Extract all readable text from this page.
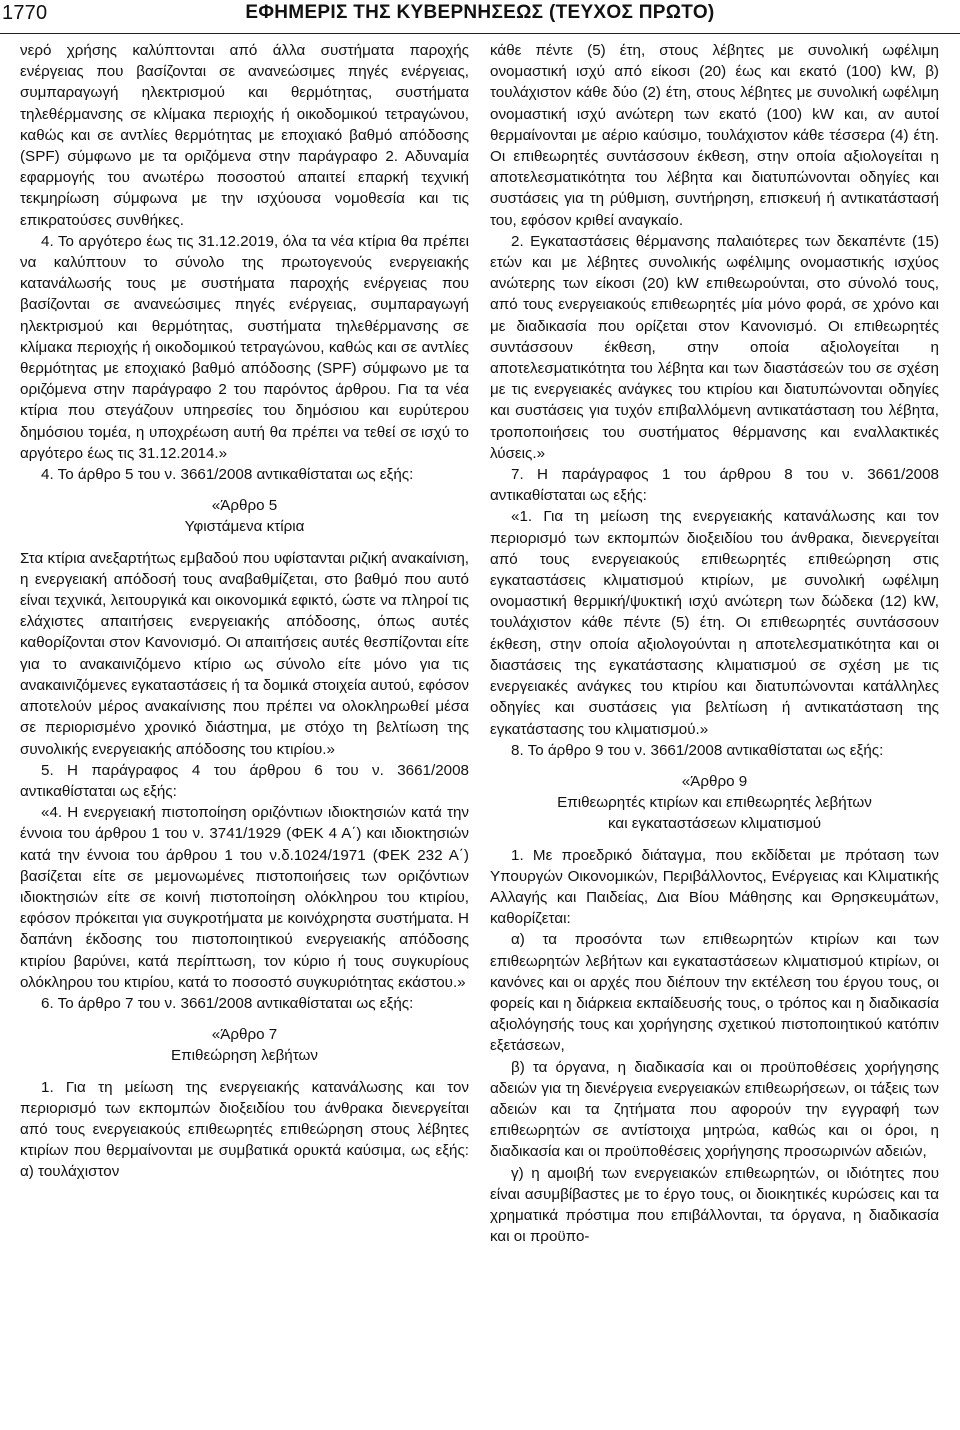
1770	ΕΦΗΜΕΡΙΣ ΤΗΣ ΚΥΒΕΡΝΗΣΕΩΣ (ΤΕΥΧΟΣ ΠΡΩΤΟ)

νερό χρήσης καλύπτονται από άλλα συστήματα παροχής ενέργειας που βασίζονται σε ανανεώσιμες πηγές ενέργειας, συμπαραγωγή ηλεκτρισμού και θερμότητας, συστήματα τηλεθέρμανσης σε κλίμακα περιοχής ή οικοδομικού τετραγώνου, καθώς και σε αντλίες θερμότητας με εποχιακό βαθμό απόδοσης (SPF) σύμφωνο με τα οριζόμενα στην παράγραφο 2. Αδυναμία εφαρμογής του ανωτέρω ποσοστού απαιτεί επαρκή τεχνική τεκμηρίωση σύμφωνα με την ισχύουσα νομοθεσία και τις επικρατούσες συνθήκες.

4. Το αργότερο έως τις 31.12.2019, όλα τα νέα κτίρια θα πρέπει να καλύπτουν το σύνολο της πρωτογενούς ενεργειακής κατανάλωσής τους με συστήματα παροχής ενέργειας που βασίζονται σε ανανεώσιμες πηγές ενέργειας, συμπαραγωγή ηλεκτρισμού και θερμότητας, συστήματα τηλεθέρμανσης σε κλίμακα περιοχής ή οικοδομικού τετραγώνου, καθώς και σε αντλίες θερμότητας με εποχιακό βαθμό απόδοσης (SPF) σύμφωνο με τα οριζόμενα στην παράγραφο 2 του παρόντος άρθρου. Για τα νέα κτίρια που στεγάζουν υπηρεσίες του δημόσιου και ευρύτερου δημόσιου τομέα, η υποχρέωση αυτή θα πρέπει να τεθεί σε ισχύ το αργότερο έως τις 31.12.2014.»

4. Το άρθρο 5 του ν. 3661/2008 αντικαθίσταται ως εξής:

«Άρθρο 5

Υφιστάμενα κτίρια

Στα κτίρια ανεξαρτήτως εμβαδού που υφίστανται ριζική ανακαίνιση, η ενεργειακή απόδοσή τους αναβαθμίζεται, στο βαθμό που αυτό είναι τεχνικά, λειτουργικά και οικονομικά εφικτό, ώστε να πληροί τις ελάχιστες απαιτήσεις ενεργειακής απόδοσης, όπως αυτές καθορίζονται στον Κανονισμό. Οι απαιτήσεις αυτές θεσπίζονται είτε για το ανακαινιζόμενο κτίριο ως σύνολο είτε μόνο για τις ανακαινιζόμενες εγκαταστάσεις ή τα δομικά στοιχεία αυτού, εφόσον αποτελούν μέρος ανακαίνισης που πρέπει να ολοκληρωθεί μέσα σε περιορισμένο χρονικό διάστημα, με στόχο τη βελτίωση της συνολικής ενεργειακής απόδοσης του κτιρίου.»

5. Η παράγραφος 4 του άρθρου 6 του ν. 3661/2008 αντικαθίσταται ως εξής:

«4. Η ενεργειακή πιστοποίηση οριζόντιων ιδιοκτησιών κατά την έννοια του άρθρου 1 του ν. 3741/1929 (ΦΕΚ 4 Α΄) και ιδιοκτησιών κατά την έννοια του άρθρου 1 του ν.δ.1024/1971 (ΦΕΚ 232 Α΄) βασίζεται είτε σε μεμονωμένες πιστοποιήσεις των οριζόντιων ιδιοκτησιών είτε σε κοινή πιστοποίηση ολόκληρου του κτιρίου, εφόσον πρόκειται για συγκροτήματα με κοινόχρηστα συστήματα. Η δαπάνη έκδοσης του πιστοποιητικού ενεργειακής απόδοσης κτιρίου βαρύνει, κατά περίπτωση, τον κύριο ή τους συγκυρίους ολόκληρου του κτιρίου, κατά το ποσοστό συγκυριότητας εκάστου.»

6. Το άρθρο 7 του ν. 3661/2008 αντικαθίσταται ως εξής:

«Άρθρο 7

Επιθεώρηση λεβήτων

1. Για τη μείωση της ενεργειακής κατανάλωσης και τον περιορισμό των εκπομπών διοξειδίου του άνθρακα διενεργείται από τους ενεργειακούς επιθεωρητές επιθεώρηση στους λέβητες κτιρίων που θερμαίνονται με συμβατικά ορυκτά καύσιμα, ως εξής: α) τουλάχιστον

κάθε πέντε (5) έτη, στους λέβητες με συνολική ωφέλιμη ονομαστική ισχύ από είκοσι (20) έως και εκατό (100) kW, β) τουλάχιστον κάθε δύο (2) έτη, στους λέβητες με συνολική ωφέλιμη ονομαστική ισχύ ανώτερη των εκατό (100) kW και, αν αυτοί θερμαίνονται με αέριο καύσιμο, τουλάχιστον κάθε τέσσερα (4) έτη. Οι επιθεωρητές συντάσσουν έκθεση, στην οποία αξιολογείται η αποτελεσματικότητα του λέβητα και διατυπώνονται οδηγίες και συστάσεις για τη ρύθμιση, συντήρηση, επισκευή ή αντικατάστασή του, εφόσον κριθεί αναγκαίο.

2. Εγκαταστάσεις θέρμανσης παλαιότερες των δεκαπέντε (15) ετών και με λέβητες συνολικής ωφέλιμης ονομαστικής ισχύος ανώτερης των είκοσι (20) kW επιθεωρούνται, στο σύνολό τους, από τους ενεργειακούς επιθεωρητές μία μόνο φορά, σε χρόνο και με διαδικασία που ορίζεται στον Κανονισμό. Οι επιθεωρητές συντάσσουν έκθεση, στην οποία αξιολογείται η αποτελεσματικότητα του λέβητα και των διαστάσεών του σε σχέση με τις ενεργειακές ανάγκες του κτιρίου και διατυπώνονται οδηγίες και συστάσεις για τυχόν επιβαλλόμενη αντικατάσταση του λέβητα, τροποποιήσεις του συστήματος θέρμανσης και εναλλακτικές λύσεις.»

7. Η παράγραφος 1 του άρθρου 8 του ν. 3661/2008 αντικαθίσταται ως εξής:

«1. Για τη μείωση της ενεργειακής κατανάλωσης και τον περιορισμό των εκπομπών διοξειδίου του άνθρακα, διενεργείται από τους ενεργειακούς επιθεωρητές επιθεώρηση στις εγκαταστάσεις κλιματισμού κτιρίων, με συνολική ωφέλιμη ονομαστική θερμική/ψυκτική ισχύ ανώτερη των δώδεκα (12) kW, τουλάχιστον κάθε πέντε (5) έτη. Οι επιθεωρητές συντάσσουν έκθεση, στην οποία αξιολογούνται η αποτελεσματικότητα και οι διαστάσεις της εγκατάστασης κλιματισμού σε σχέση με τις ενεργειακές ανάγκες του κτιρίου και διατυπώνονται κατάλληλες οδηγίες και συστάσεις για βελτίωση ή αντικατάσταση της εγκατάστασης του κλιματισμού.»

8. Το άρθρο 9 του ν. 3661/2008 αντικαθίσταται ως εξής:

«Άρθρο 9

Επιθεωρητές κτιρίων και επιθεωρητές λεβήτων

και εγκαταστάσεων κλιματισμού

1. Με προεδρικό διάταγμα, που εκδίδεται με πρόταση των Υπουργών Οικονομικών, Περιβάλλοντος, Ενέργειας και Κλιματικής Αλλαγής και Παιδείας, Δια Βίου Μάθησης και Θρησκευμάτων, καθορίζεται:

α) τα προσόντα των επιθεωρητών κτιρίων και των επιθεωρητών λεβήτων και εγκαταστάσεων κλιματισμού κτιρίων, οι κανόνες και οι αρχές που διέπουν την εκτέλεση του έργου τους, οι φορείς και η διάρκεια εκπαίδευσής τους, ο τρόπος και η διαδικασία αξιολόγησής τους και χορήγησης σχετικού πιστοποιητικού κατόπιν εξετάσεων,

β) τα όργανα, η διαδικασία και οι προϋποθέσεις χορήγησης αδειών για τη διενέργεια ενεργειακών επιθεωρήσεων, οι τάξεις των αδειών και τα ζητήματα που αφορούν την εγγραφή των επιθεωρητών σε αντίστοιχα μητρώα, καθώς και οι όροι, η διαδικασία και οι προϋποθέσεις χορήγησης προσωρινών αδειών,

γ) η αμοιβή των ενεργειακών επιθεωρητών, οι ιδιότητες που είναι ασυμβίβαστες με το έργο τους, οι διοικητικές κυρώσεις και τα χρηματικά πρόστιμα που επιβάλλονται, τα όργανα, η διαδικασία και οι προϋπο-
